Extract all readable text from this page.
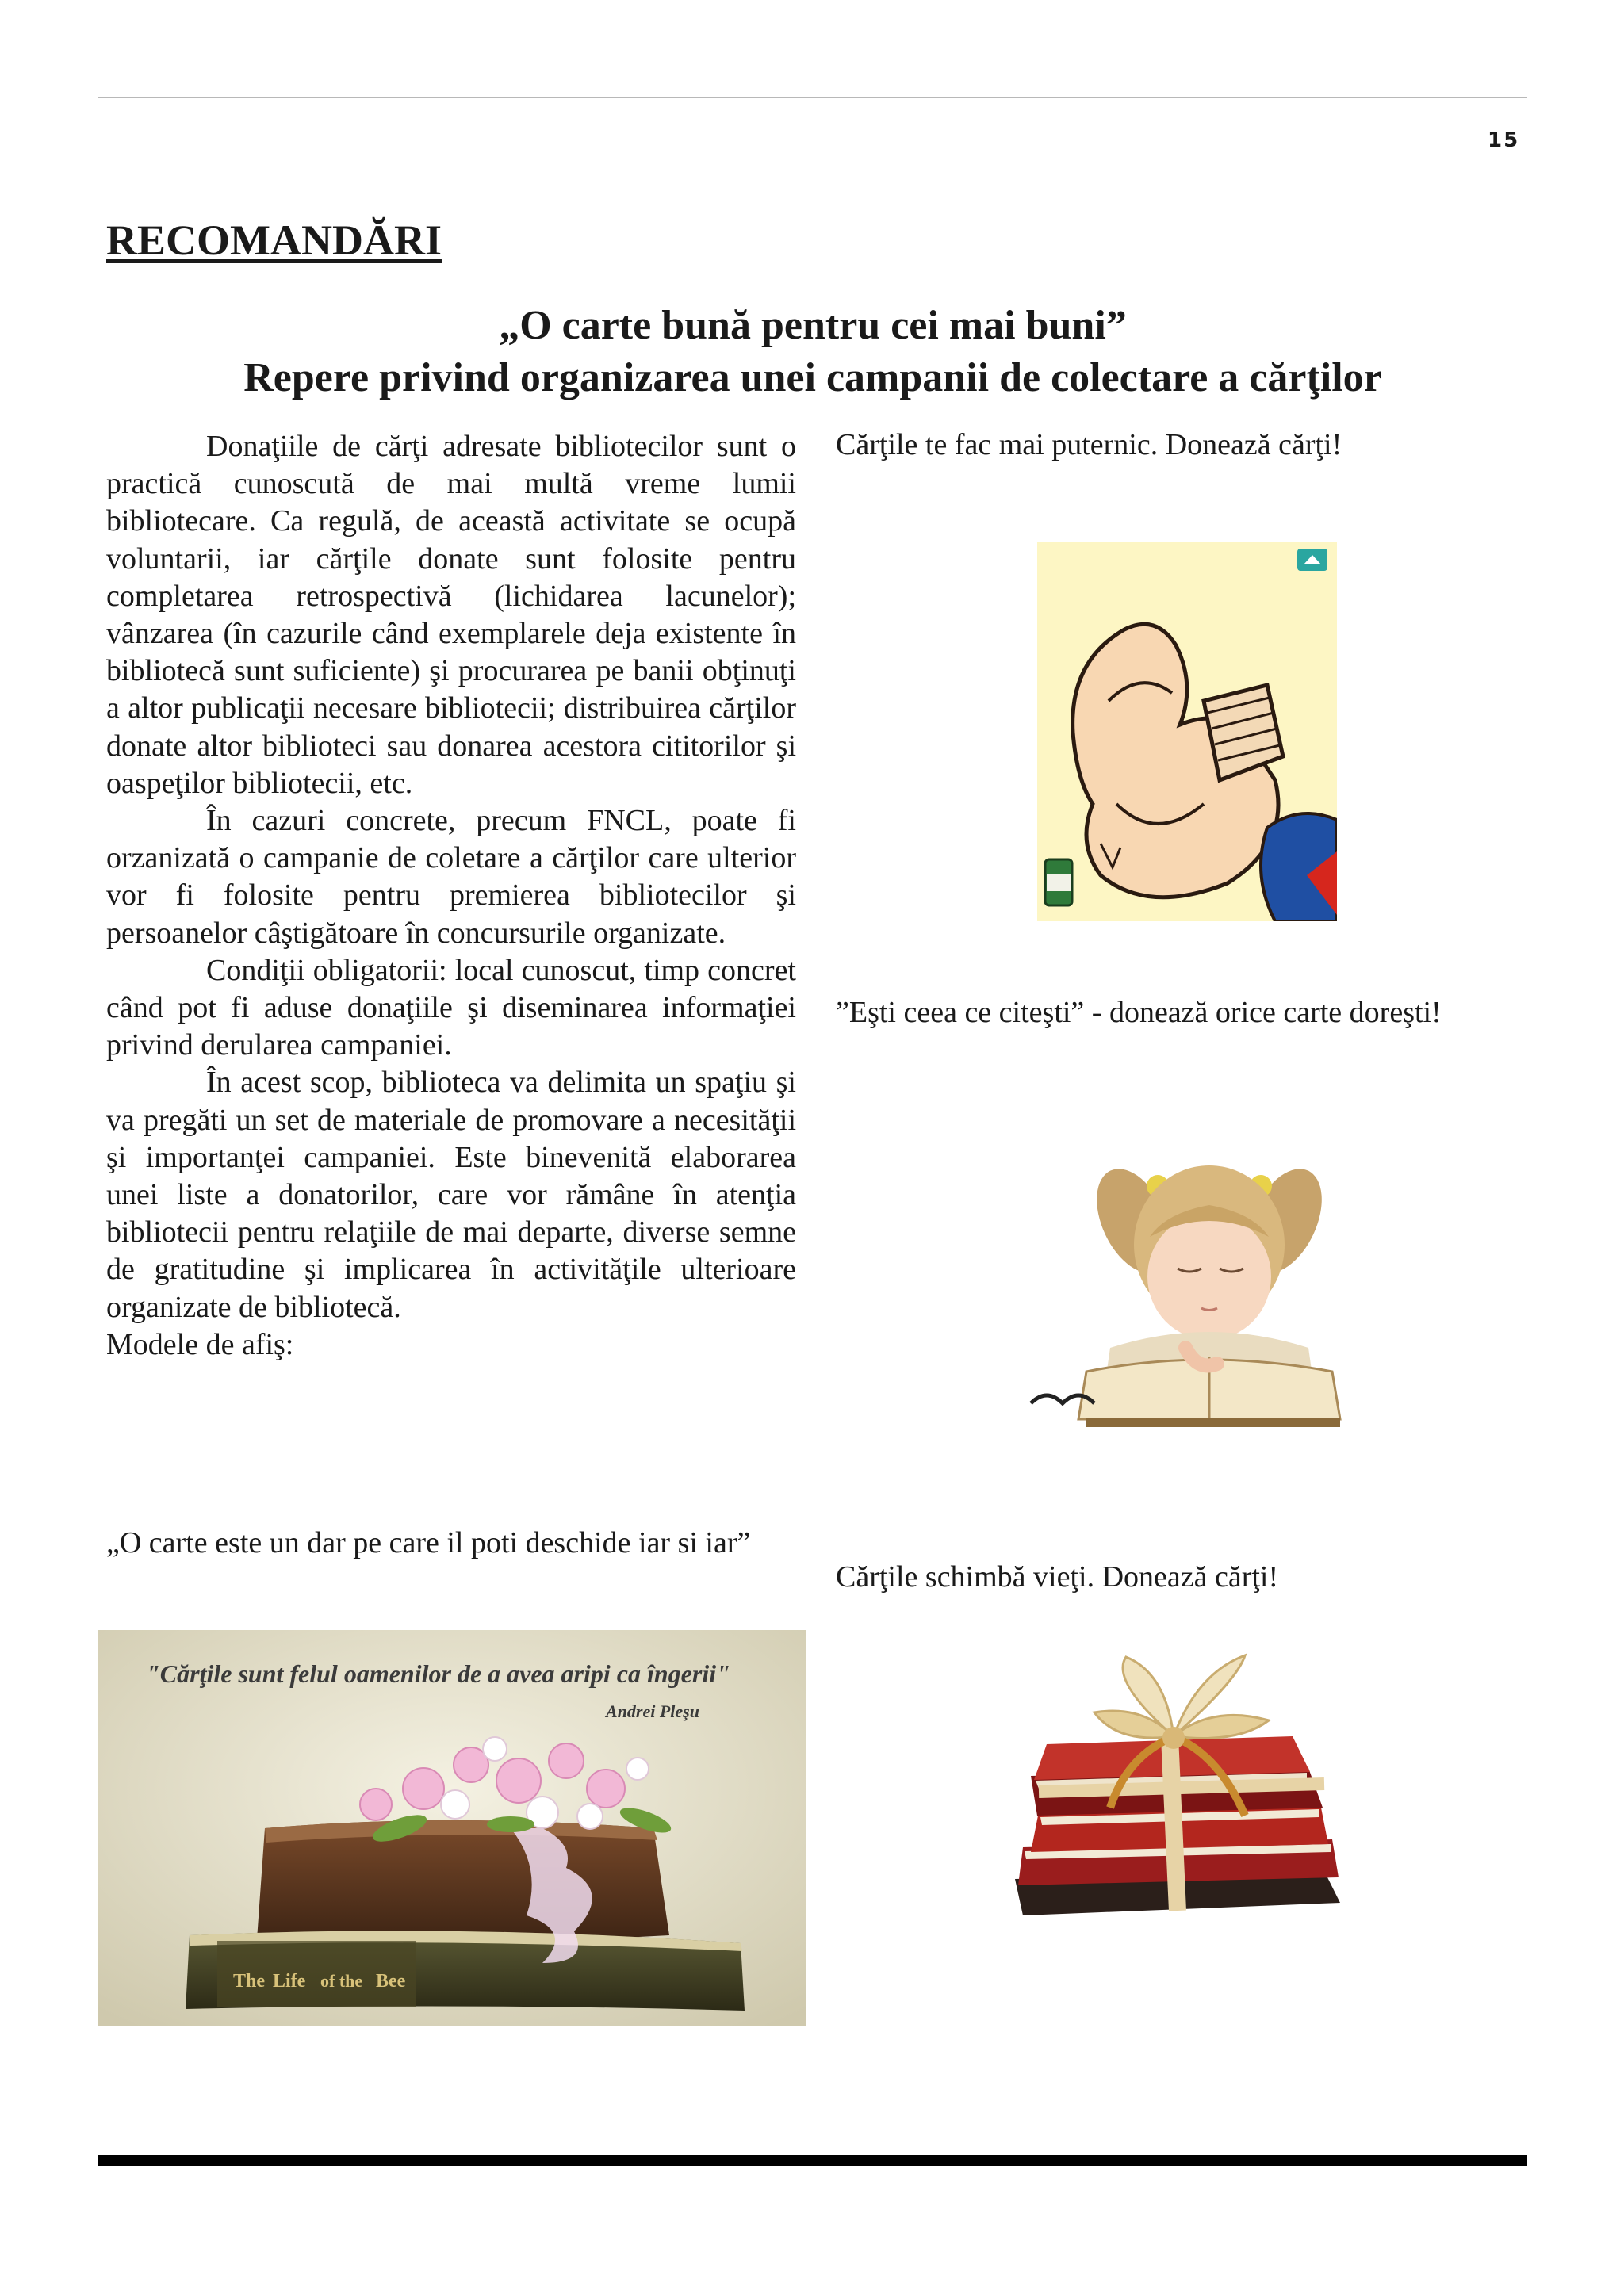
15
RECOMANDĂRI

„O carte bună pentru cei mai buni”

Repere privind organizarea unei campanii de colectare a cărţilor

Donaţiile de cărţi adresate bibliotecilor sunt o practică cunoscută de mai multă vreme lumii bibliotecare. Ca regulă, de această activitate se ocupă voluntarii, iar cărţile donate sunt folosite pentru completarea retrospectivă (lichidarea lacunelor); vânzarea (în cazurile când exemplarele deja existente în bibliotecă sunt suficiente) şi procurarea pe banii obţinuţi a altor publicaţii necesare bibliotecii; distribuirea cărţilor donate altor biblioteci sau donarea acestora cititorilor şi oaspeţilor bibliotecii, etc.

În cazuri concrete, precum FNCL, poate fi orzanizată o campanie de coletare a cărţilor care ulterior vor fi folosite pentru premierea bibliotecilor şi persoanelor câştigătoare în concursurile organizate.

Condiţii obligatorii: local cunoscut, timp concret când pot fi aduse donaţiile şi diseminarea informaţiei privind derularea campaniei.

În acest scop, biblioteca va delimita un spaţiu şi va pregăti un set de materiale de promovare a necesităţii şi importanţei campaniei. Este binevenită elaborarea unei liste a donatorilor, care vor rămâne în atenţia bibliotecii pentru relaţiile de mai departe, diverse semne de gratitudine şi implicarea în activităţile ulterioare organizate de bibliotecă.

Modele de afiş:

„O carte este un dar pe care il poti deschide iar si iar”

"Cărţile sunt felul oamenilor de a avea aripi ca îngerii"
Andrei Pleşu
The Life of the Bee

Cărţile te fac mai puternic. Donează cărţi!

”Eşti ceea ce citeşti” - donează orice carte doreşti!

Cărţile schimbă vieţi. Donează cărţi!
